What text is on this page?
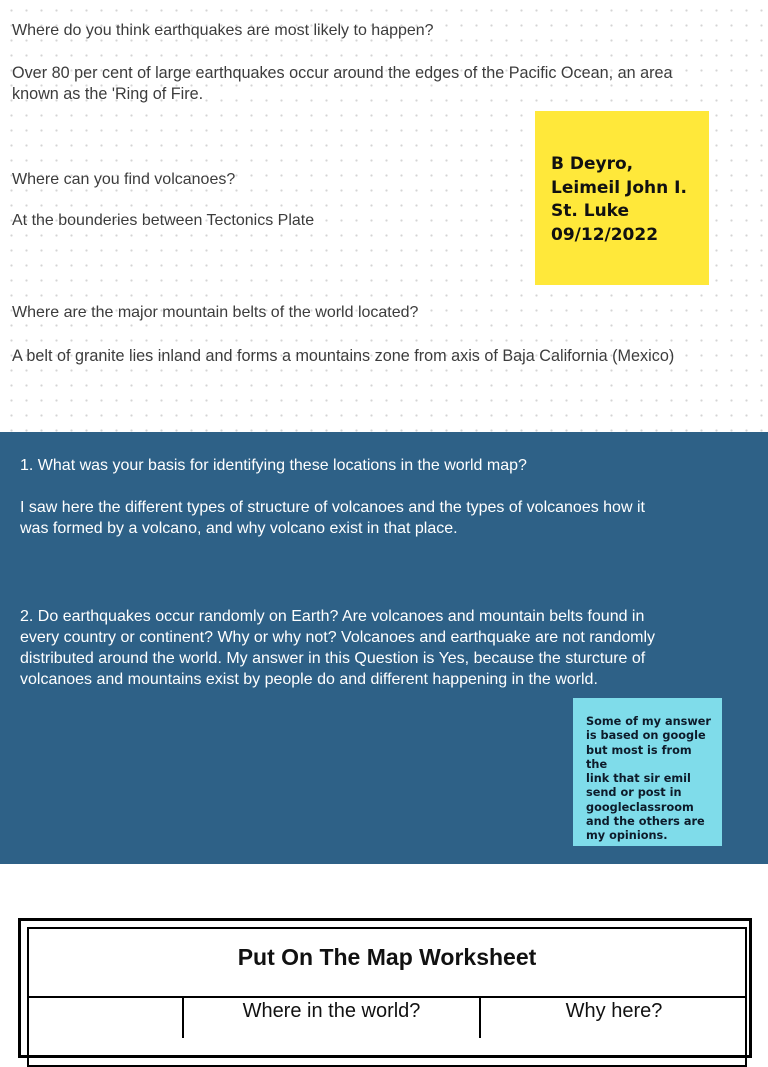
Where do you think earthquakes are most likely to happen?
Over 80 per cent of large earthquakes occur around the edges of the Pacific Ocean, an area
known as the 'Ring of Fire.
Where can you find volcanoes?
At the bounderies between Tectonics Plate
Where are the major mountain belts of the world located?
A belt of granite lies inland and forms a mountains zone from axis of Baja California (Mexico)
B Deyro,
Leimeil John I.
St. Luke
09/12/2022
1. What was your basis for identifying these locations in the world map?
I saw here the different types of structure of volcanoes and the types of volcanoes how it
was formed by a volcano, and why volcano exist in that place.
2. Do earthquakes occur randomly on Earth? Are volcanoes and mountain belts found in
every country or continent? Why or why not? Volcanoes and earthquake are not randomly
distributed around the world. My answer in this Question is Yes, because the sturcture of
volcanoes and mountains exist by people do and different happening in the world.
Some of my answer
is based on google
but most is from the
link that sir emil
send or post in
googleclassroom
and the others are
my opinions.
Put On The Map Worksheet
Where in the world?	Why here?
